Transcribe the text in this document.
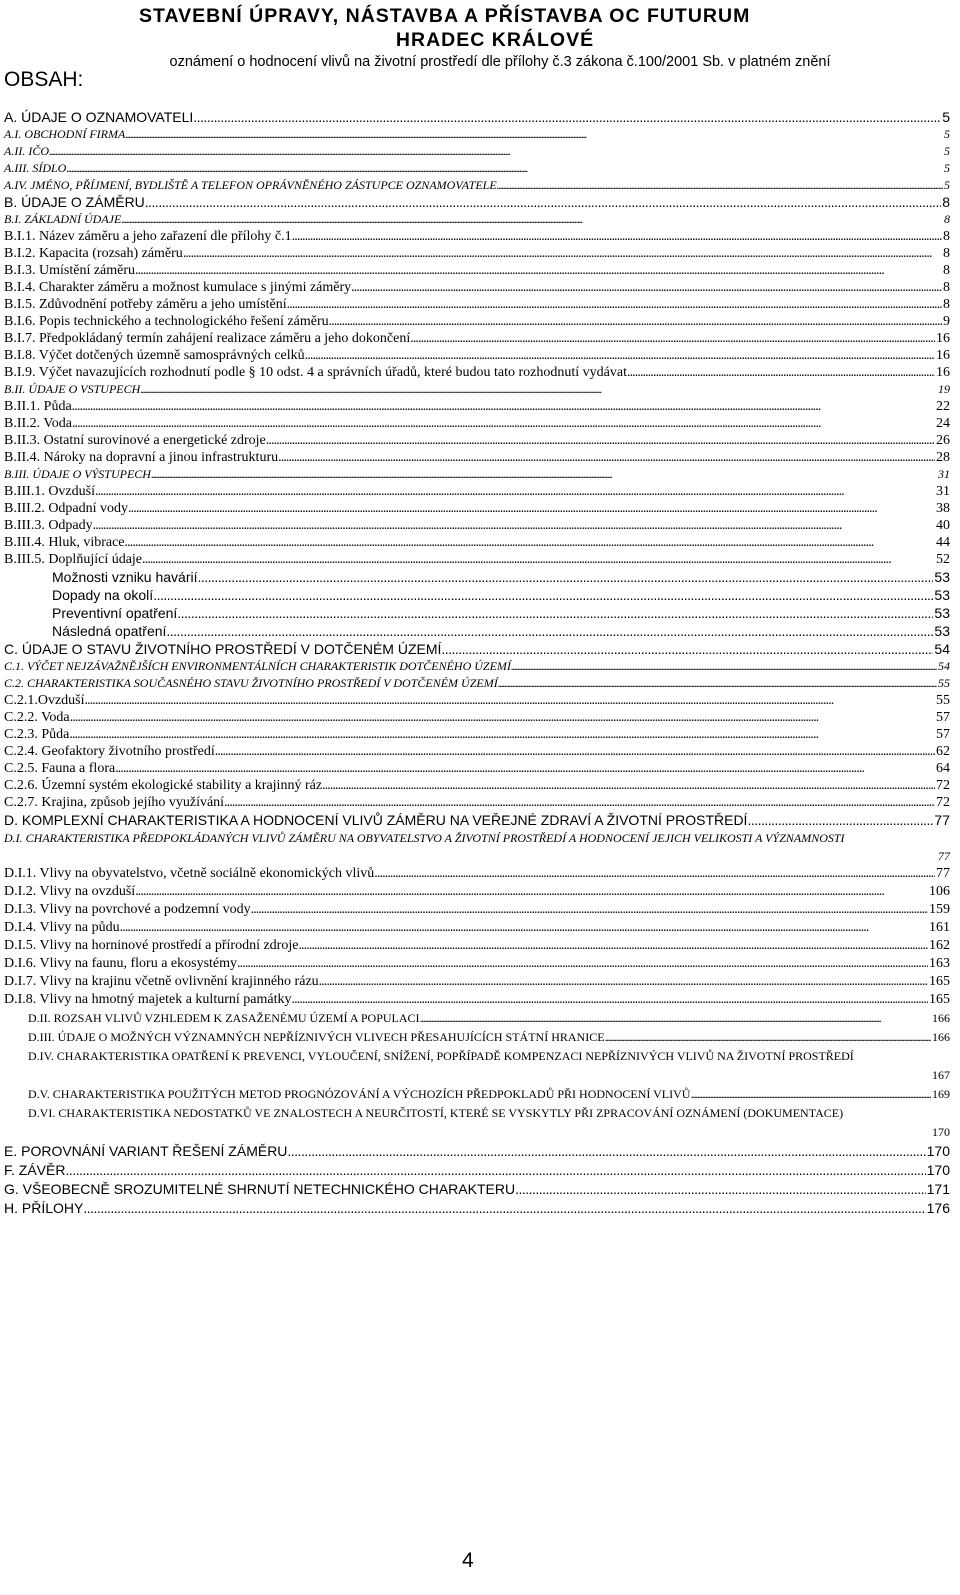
STAVEBNÍ ÚPRAVY, NÁSTAVBA A PŘÍSTAVBA OC FUTURUM
HRADEC KRÁLOVÉ
oznámení o hodnocení vlivů na životní prostředí dle přílohy č.3 zákona č.100/2001 Sb. v platném znění
OBSAH:
A. ÚDAJE O OZNAMOVATELI . . .	5
A.I. OBCHODNÍ FIRMA . . .	5
A.II. IČO . . .	5
A.III. SÍDLO . . .	5
A.IV. JMÉNO, PŘÍJMENÍ, BYDLIŠTĚ A TELEFON OPRÁVNĚNÉHO ZÁSTUPCE OZNAMOVATELE . . .	5
B. ÚDAJE O ZÁMĚRU . . .	8
B.I. ZÁKLADNÍ ÚDAJE . . .	8
B.I.1. Název záměru a jeho zařazení dle přílohy č.1 . . .	8
B.I.2. Kapacita (rozsah) záměru . . .	8
B.I.3. Umístění záměru . . .	8
B.I.4. Charakter záměru a možnost kumulace s jinými záměry . . .	8
B.I.5. Zdůvodnění potřeby záměru a jeho umístění . . .	8
B.I.6. Popis technického a technologického řešení záměru . . .	9
B.I.7. Předpokládaný termín zahájení realizace záměru a jeho dokončení . . .	16
B.I.8. Výčet dotčených územně samosprávných celků . . .	16
B.I.9. Výčet navazujících rozhodnutí podle § 10 odst. 4 a správních úřadů, které budou tato rozhodnutí vydávat . . .	16
B.II. ÚDAJE O VSTUPECH . . .	19
B.II.1. Půda . . .	22
B.II.2. Voda . . .	24
B.II.3. Ostatní surovinové a energetické zdroje . . .	26
B.II.4. Nároky na dopravní a jinou infrastrukturu . . .	28
B.III. ÚDAJE O VÝSTUPECH . . .	31
B.III.1. Ovzduší . . .	31
B.III.2. Odpadní vody . . .	38
B.III.3. Odpady . . .	40
B.III.4. Hluk, vibrace . . .	44
B.III.5. Doplňující údaje . . .	52
Možnosti vzniku havárií . . .	53
Dopady na okolí . . .	53
Preventivní opatření . . .	53
Následná opatření . . .	53
C. ÚDAJE O STAVU ŽIVOTNÍHO PROSTŘEDÍ V DOTČENÉM ÚZEMÍ . . .	54
C.1. VÝČET NEJZÁVAŽNĚJŠÍCH ENVIRONMENTÁLNÍCH CHARAKTERISTIK DOTČENÉHO ÚZEMÍ . . .	54
C.2. CHARAKTERISTIKA SOUČASNÉHO STAVU ŽIVOTNÍHO PROSTŘEDÍ V DOTČENÉM ÚZEMÍ . . .	55
C.2.1.Ovzduší . . .	55
C.2.2. Voda . . .	57
C.2.3. Půda . . .	57
C.2.4. Geofaktory životního prostředí . . .	62
C.2.5. Fauna a flora . . .	64
C.2.6. Územní systém ekologické stability a krajinný ráz . . .	72
C.2.7. Krajina, způsob jejího využívání . . .	72
D. KOMPLEXNÍ CHARAKTERISTIKA A HODNOCENÍ VLIVŮ ZÁMĚRU NA VEŘEJNÉ ZDRAVÍ A ŽIVOTNÍ PROSTŘEDÍ . . .	77
D.I. CHARAKTERISTIKA PŘEDPOKLÁDANÝCH VLIVŮ ZÁMĚRU NA OBYVATELSTVO A ŽIVOTNÍ PROSTŘEDÍ A HODNOCENÍ JEJICH VELIKOSTI A VÝZNAMNOSTI
77
D.I.1. Vlivy na obyvatelstvo, včetně sociálně ekonomických vlivů . . .	77
D.I.2. Vlivy na ovzduší . . .	106
D.I.3. Vlivy na povrchové a podzemní vody . . .	159
D.I.4. Vlivy na půdu . . .	161
D.I.5. Vlivy na horninové prostředí a přírodní zdroje . . .	162
D.I.6. Vlivy na faunu, floru a ekosystémy . . .	163
D.I.7. Vlivy na krajinu včetně ovlivnění krajinného rázu . . .	165
D.I.8. Vlivy na hmotný majetek a kulturní památky . . .	165
D.II. ROZSAH VLIVŮ VZHLEDEM K ZASAŽENÉMU ÚZEMÍ A POPULACI . . .	166
D.III. ÚDAJE O MOŽNÝCH VÝZNAMNÝCH NEPŘÍZNIVÝCH VLIVECH PŘESAHUJÍCÍCH STÁTNÍ HRANICE . . .	166
D.IV. CHARAKTERISTIKA OPATŘENÍ K PREVENCI, VYLOUČENÍ, SNÍŽENÍ, POPŘÍPADĚ KOMPENZACI NEPŘÍZNIVÝCH VLIVŮ NA ŽIVOTNÍ PROSTŘEDÍ
167
D.V. CHARAKTERISTIKA POUŽITÝCH METOD PROGNÓZOVÁNÍ A VÝCHOZÍCH PŘEDPOKLADŮ PŘI HODNOCENÍ VLIVŮ . . .	169
D.VI. CHARAKTERISTIKA NEDOSTATKŮ VE ZNALOSTECH A NEURČITOSTÍ, KTERÉ SE VYSKYTLY PŘI ZPRACOVÁNÍ OZNÁMENÍ (DOKUMENTACE)
170
E. POROVNÁNÍ VARIANT ŘEŠENÍ ZÁMĚRU . . .	170
F. ZÁVĚR . . .	170
G. VŠEOBECNĚ SROZUMITELNÉ SHRNUTÍ NETECHNICKÉHO CHARAKTERU . . .	171
H. PŘÍLOHY . . .	176
4
